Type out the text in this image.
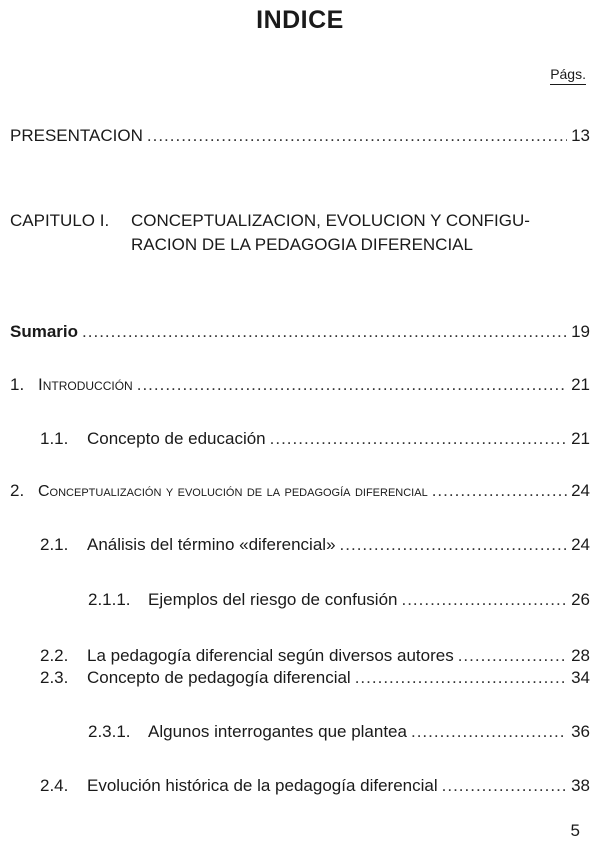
INDICE
Págs.
PRESENTACION .....	13
CAPITULO I. CONCEPTUALIZACION, EVOLUCION Y CONFIGU-
RACION DE LA PEDAGOGIA DIFERENCIAL
Sumario .....	19
1. Introducción .....	21
1.1.	Concepto de educación .....	21
2. Conceptualización y evolución de la pedagogía diferencial .....	24
2.1.	Análisis del término «diferencial» .....	24
2.1.1.	Ejemplos del riesgo de confusión .....	26
2.2.	La pedagogía diferencial según diversos autores .....	28
2.3.	Concepto de pedagogía diferencial .....	34
2.3.1.	Algunos interrogantes que plantea .....	36
2.4.	Evolución histórica de la pedagogía diferencial .....	38
5
